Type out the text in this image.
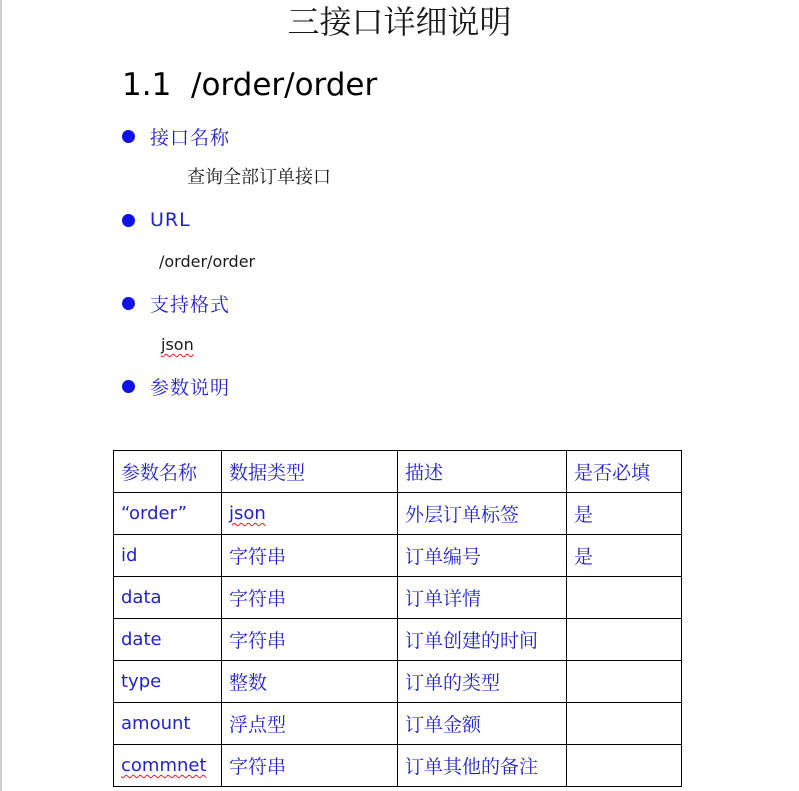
三接口详细说明
1.1 /order/order
接口名称
查询全部订单接口
URL
/order/order
支持格式
json
参数说明
参数名称	数据类型	描述	是否必填
“order”	json	外层订单标签	是
id	字符串	订单编号	是
data	字符串	订单详情	
date	字符串	订单创建的时间	
type	整数	订单的类型	
amount	浮点型	订单金额	
commnet	字符串	订单其他的备注	
